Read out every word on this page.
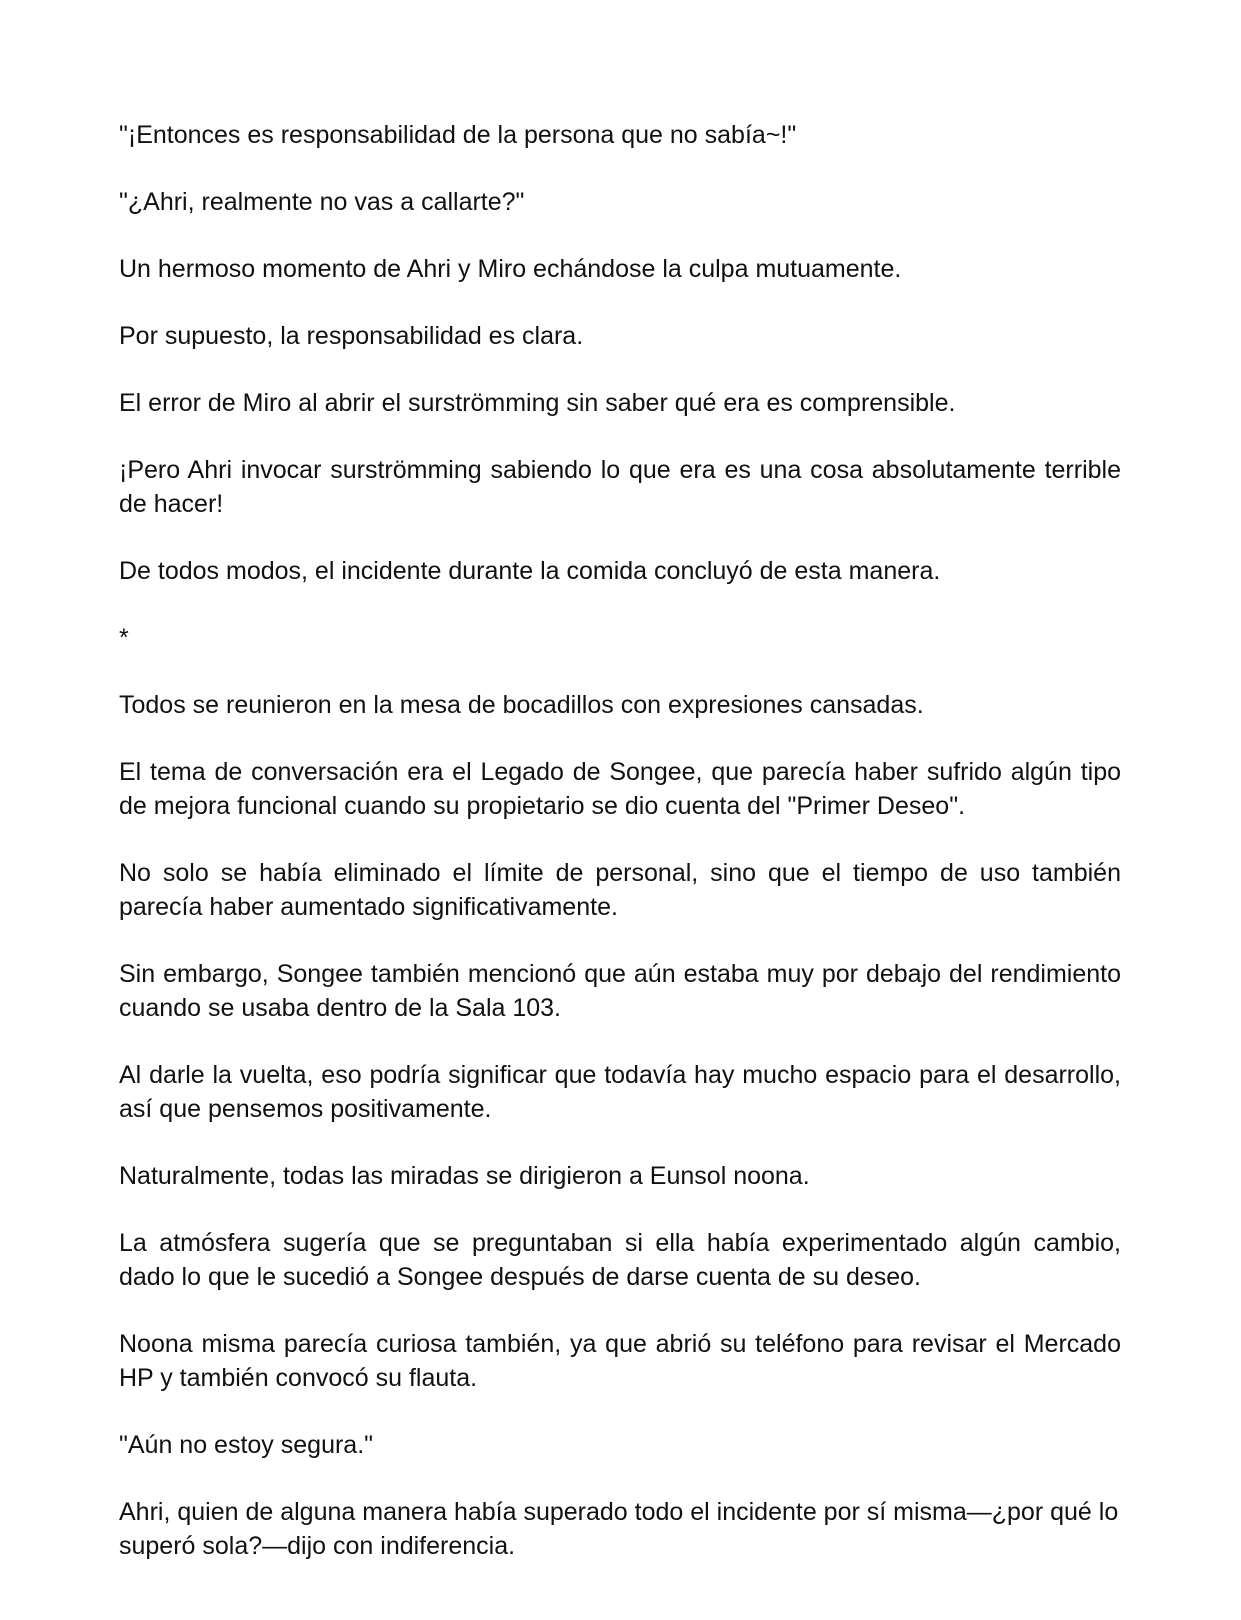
"¡Entonces es responsabilidad de la persona que no sabía~!"

"¿Ahri, realmente no vas a callarte?"

Un hermoso momento de Ahri y Miro echándose la culpa mutuamente.

Por supuesto, la responsabilidad es clara.

El error de Miro al abrir el surströmming sin saber qué era es comprensible.

¡Pero Ahri invocar surströmming sabiendo lo que era es una cosa absolutamente terrible de hacer!

De todos modos, el incidente durante la comida concluyó de esta manera.

*

Todos se reunieron en la mesa de bocadillos con expresiones cansadas.

El tema de conversación era el Legado de Songee, que parecía haber sufrido algún tipo de mejora funcional cuando su propietario se dio cuenta del "Primer Deseo".

No solo se había eliminado el límite de personal, sino que el tiempo de uso también parecía haber aumentado significativamente.

Sin embargo, Songee también mencionó que aún estaba muy por debajo del rendimiento cuando se usaba dentro de la Sala 103.

Al darle la vuelta, eso podría significar que todavía hay mucho espacio para el desarrollo, así que pensemos positivamente.

Naturalmente, todas las miradas se dirigieron a Eunsol noona.

La atmósfera sugería que se preguntaban si ella había experimentado algún cambio, dado lo que le sucedió a Songee después de darse cuenta de su deseo.

Noona misma parecía curiosa también, ya que abrió su teléfono para revisar el Mercado HP y también convocó su flauta.

"Aún no estoy segura."

Ahri, quien de alguna manera había superado todo el incidente por sí misma—¿por qué lo superó sola?—dijo con indiferencia.
